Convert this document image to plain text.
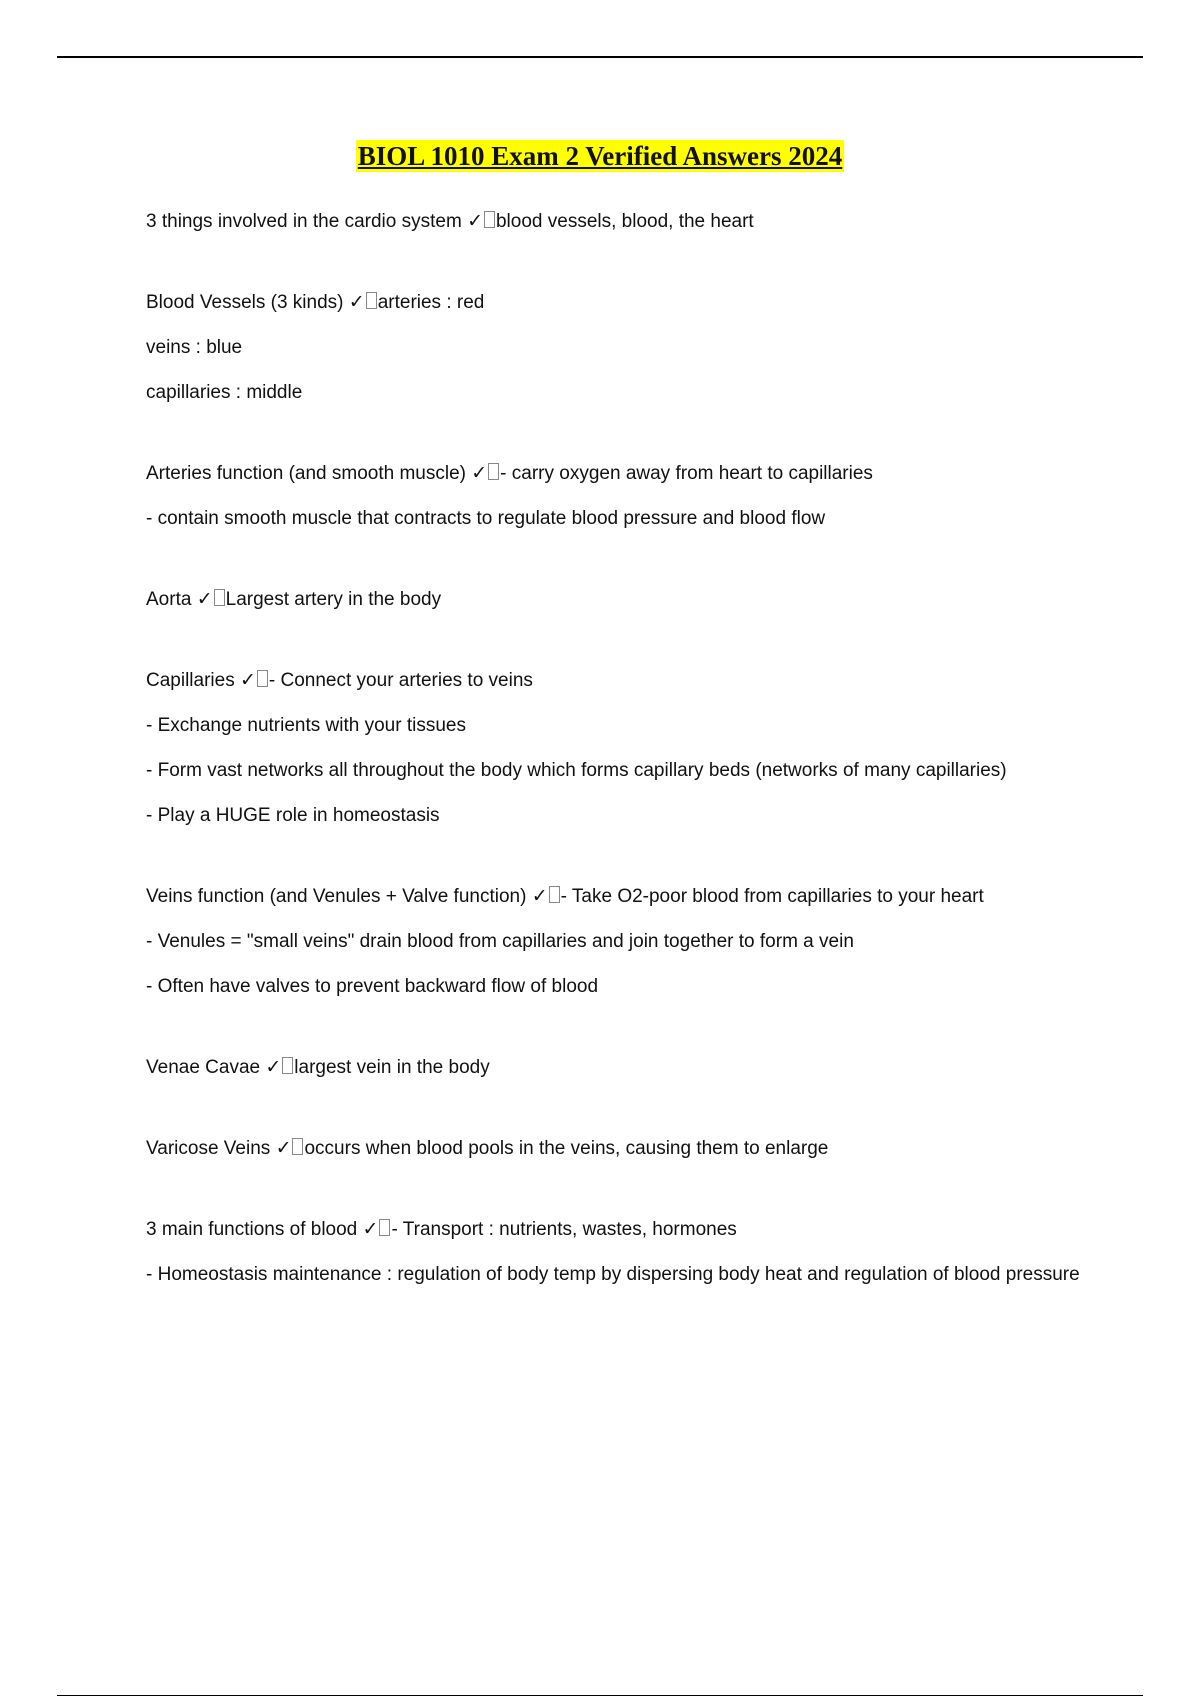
BIOL 1010 Exam 2 Verified Answers 2024

3 things involved in the cardio system ✓ blood vessels, blood, the heart

Blood Vessels (3 kinds) ✓ arteries : red

veins : blue

capillaries : middle

Arteries function (and smooth muscle) ✓ - carry oxygen away from heart to capillaries

- contain smooth muscle that contracts to regulate blood pressure and blood flow

Aorta ✓ Largest artery in the body

Capillaries ✓ - Connect your arteries to veins

- Exchange nutrients with your tissues

- Form vast networks all throughout the body which forms capillary beds (networks of many capillaries)

- Play a HUGE role in homeostasis

Veins function (and Venules + Valve function) ✓ - Take O2-poor blood from capillaries to your heart

- Venules = "small veins" drain blood from capillaries and join together to form a vein

- Often have valves to prevent backward flow of blood

Venae Cavae ✓ largest vein in the body

Varicose Veins ✓ occurs when blood pools in the veins, causing them to enlarge

3 main functions of blood ✓ - Transport : nutrients, wastes, hormones

- Homeostasis maintenance : regulation of body temp by dispersing body heat and regulation of blood pressure
